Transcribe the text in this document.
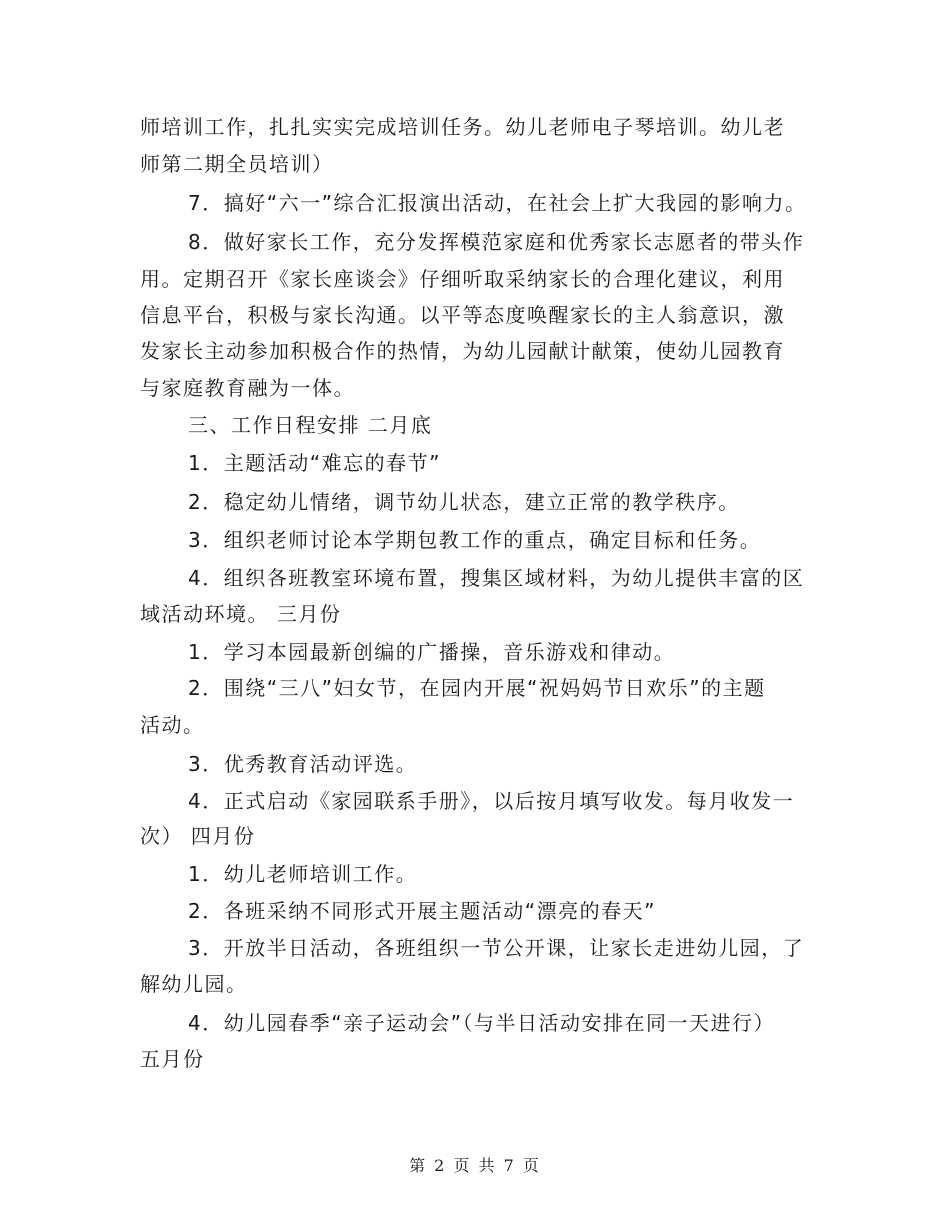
师培训工作，扎扎实实完成培训任务。幼儿老师电子琴培训。幼儿老
师第二期全员培训）
7．搞好“六一”综合汇报演出活动，在社会上扩大我园的影响力。
8．做好家长工作，充分发挥模范家庭和优秀家长志愿者的带头作
用。定期召开《家长座谈会》仔细听取采纳家长的合理化建议，利用
信息平台，积极与家长沟通。以平等态度唤醒家长的主人翁意识，激
发家长主动参加积极合作的热情，为幼儿园献计献策，使幼儿园教育
与家庭教育融为一体。
三、工作日程安排 二月底
1．主题活动“难忘的春节”
2．稳定幼儿情绪，调节幼儿状态，建立正常的教学秩序。
3．组织老师讨论本学期包教工作的重点，确定目标和任务。
4．组织各班教室环境布置，搜集区域材料，为幼儿提供丰富的区
域活动环境。 三月份
1．学习本园最新创编的广播操，音乐游戏和律动。
2．围绕“三八”妇女节，在园内开展“祝妈妈节日欢乐”的主题
活动。
3．优秀教育活动评选。
4．正式启动《家园联系手册》，以后按月填写收发。每月收发一
次） 四月份
1．幼儿老师培训工作。
2．各班采纳不同形式开展主题活动“漂亮的春天”
3．开放半日活动，各班组织一节公开课，让家长走进幼儿园，了
解幼儿园。
4．幼儿园春季“亲子运动会”（与半日活动安排在同一天进行）
五月份
第 2 页 共 7 页
